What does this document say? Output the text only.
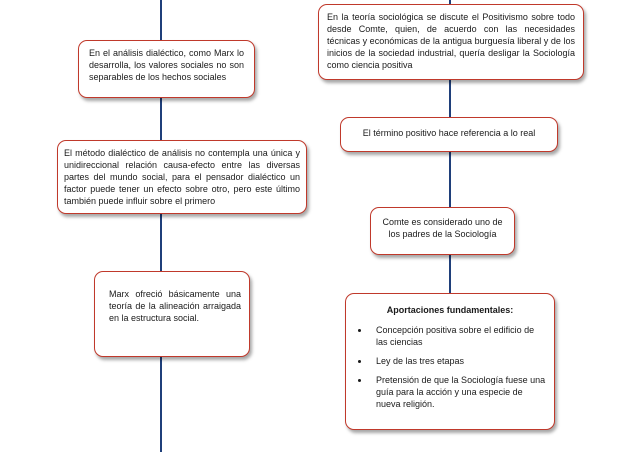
En el análisis dialéctico, como Marx lo desarrolla, los valores sociales no son separables de los hechos sociales
El método dialéctico de análisis no contempla una única y unidireccional relación causa-efecto entre las diversas partes del mundo social, para el pensador dialéctico un factor puede tener un efecto sobre otro, pero este último también puede influir sobre el primero
Marx ofreció básicamente una teoría de la alineación arraigada en la estructura social.
En la teoría sociológica se discute el Positivismo sobre todo desde Comte, quien, de acuerdo con las necesidades técnicas y económicas de la antigua burguesía liberal y de los inicios de la sociedad industrial, quería desligar la Sociología como ciencia positiva
El término positivo hace referencia a lo real
Comte es considerado uno de los padres de la Sociología
Aportaciones fundamentales:
Concepción positiva sobre el edificio de las ciencias
Ley de las tres etapas
Pretensión de que la Sociología fuese una guía para la acción y una especie de nueva religión.
